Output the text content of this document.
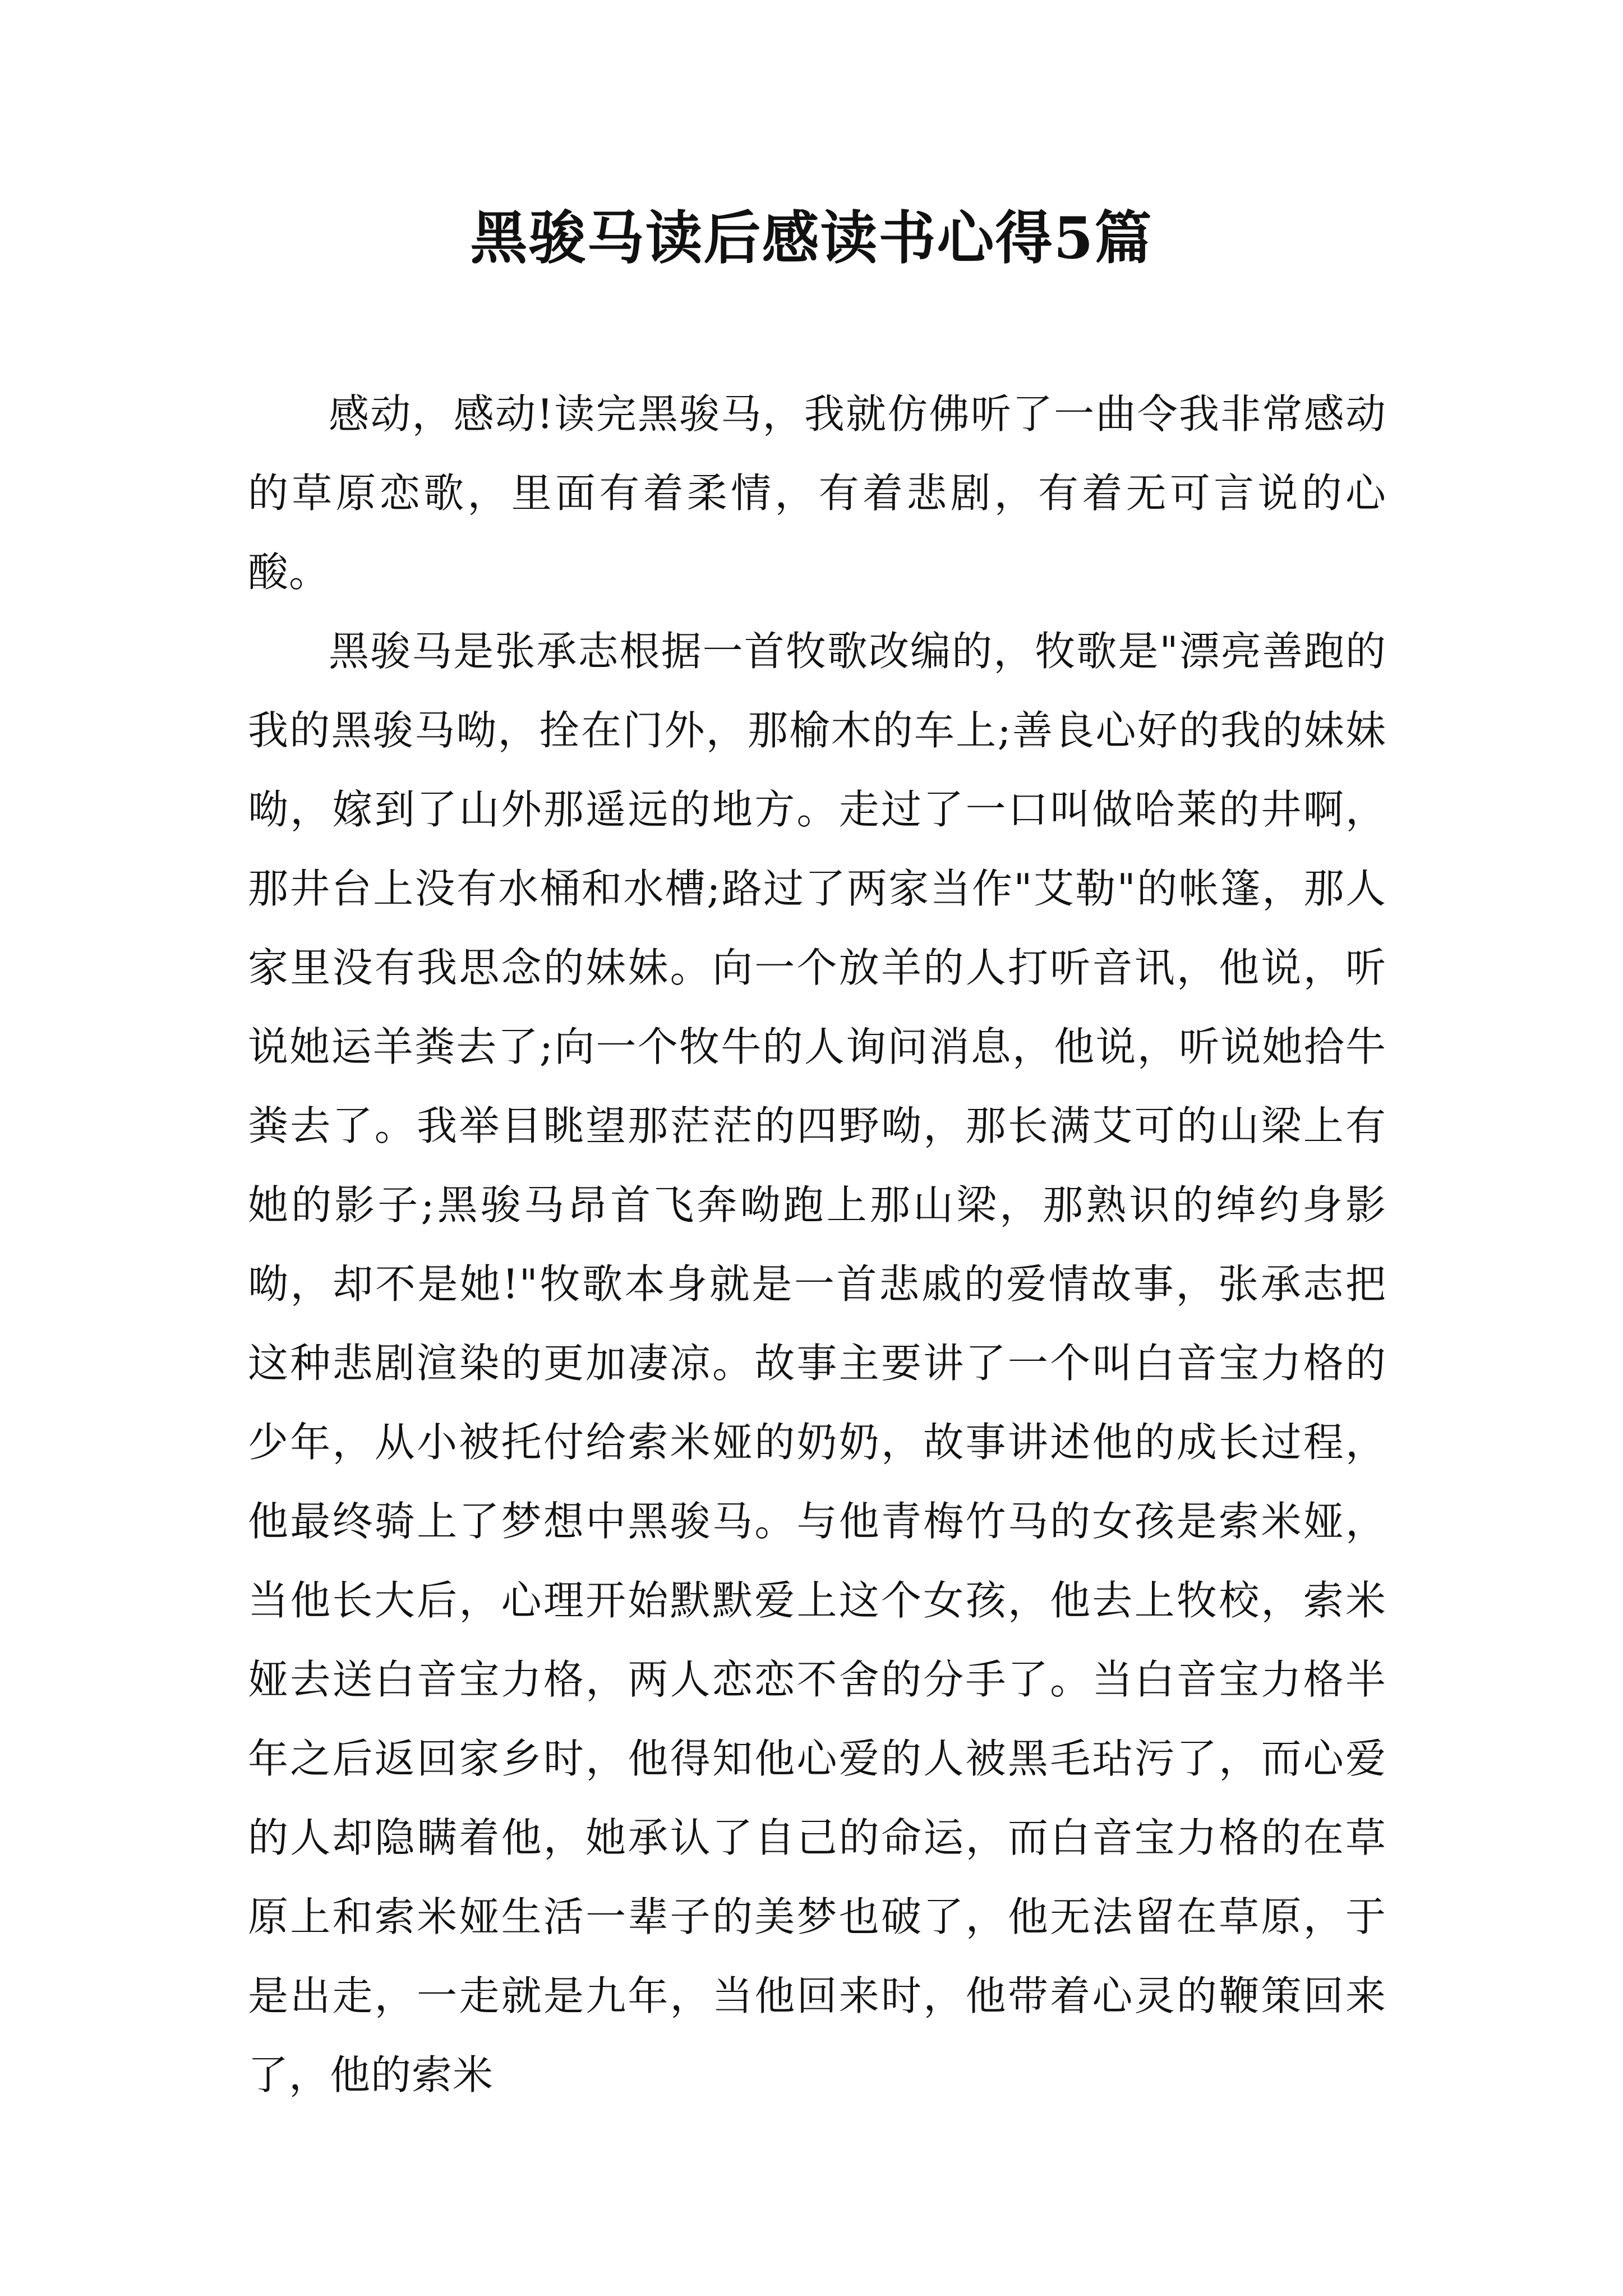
黑骏马读后感读书心得5篇

感动，感动!读完黑骏马，我就仿佛听了一曲令我非常感动的草原恋歌，里面有着柔情，有着悲剧，有着无可言说的心酸。

黑骏马是张承志根据一首牧歌改编的，牧歌是"漂亮善跑的我的黑骏马呦，拴在门外，那榆木的车上;善良心好的我的妹妹呦，嫁到了山外那遥远的地方。走过了一口叫做哈莱的井啊，那井台上没有水桶和水槽;路过了两家当作"艾勒"的帐篷，那人家里没有我思念的妹妹。向一个放羊的人打听音讯，他说，听说她运羊粪去了;向一个牧牛的人询问消息，他说，听说她拾牛粪去了。我举目眺望那茫茫的四野呦，那长满艾可的山梁上有她的影子;黑骏马昂首飞奔呦跑上那山梁，那熟识的绰约身影呦，却不是她!"牧歌本身就是一首悲戚的爱情故事，张承志把这种悲剧渲染的更加凄凉。故事主要讲了一个叫白音宝力格的少年，从小被托付给索米娅的奶奶，故事讲述他的成长过程，他最终骑上了梦想中黑骏马。与他青梅竹马的女孩是索米娅，当他长大后，心理开始默默爱上这个女孩，他去上牧校，索米娅去送白音宝力格，两人恋恋不舍的分手了。当白音宝力格半年之后返回家乡时，他得知他心爱的人被黑毛玷污了，而心爱的人却隐瞒着他，她承认了自己的命运，而白音宝力格的在草原上和索米娅生活一辈子的美梦也破了，他无法留在草原，于是出走，一走就是九年，当他回来时，他带着心灵的鞭策回来了，他的索米
